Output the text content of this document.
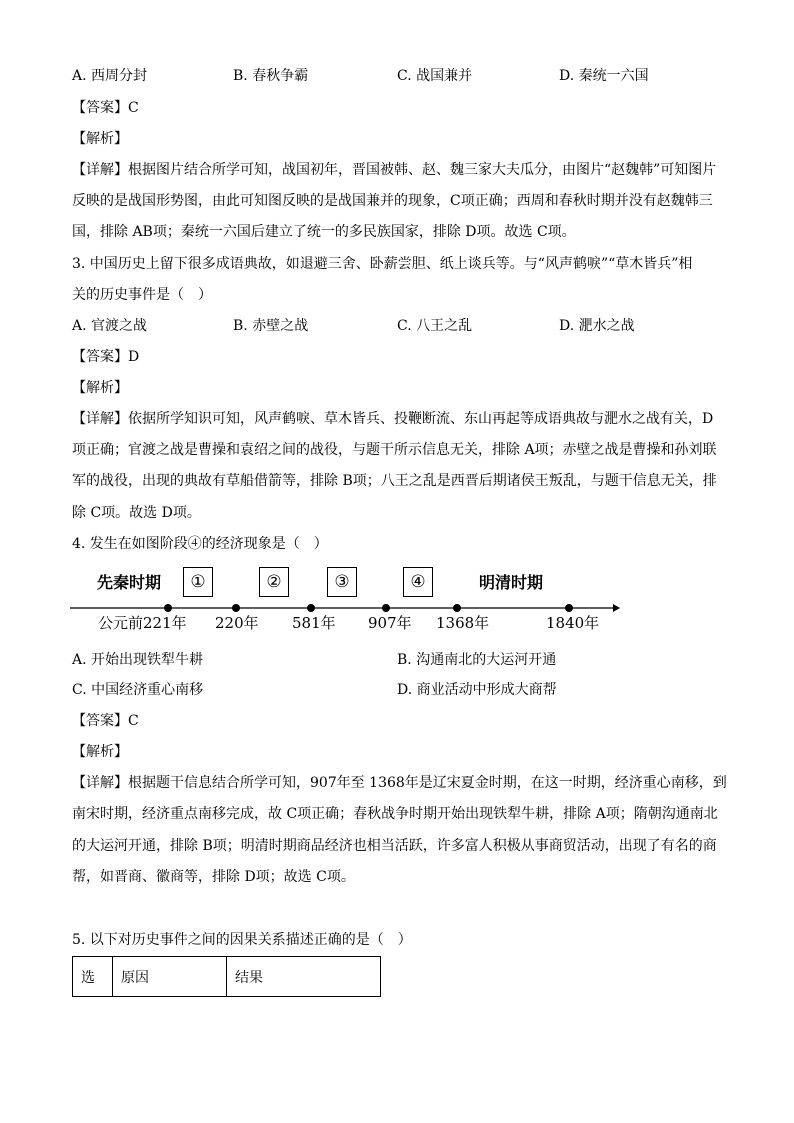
A. 西周分封	B. 春秋争霸	C. 战国兼并	D. 秦统一六国
【答案】C
【解析】
【详解】根据图片结合所学可知，战国初年，晋国被韩、赵、魏三家大夫瓜分，由图片“赵魏韩”可知图片
反映的是战国形势图，由此可知图反映的是战国兼并的现象，C项正确；西周和春秋时期并没有赵魏韩三
国，排除 AB项；秦统一六国后建立了统一的多民族国家，排除 D项。故选 C项。
3. 中国历史上留下很多成语典故，如退避三舍、卧薪尝胆、纸上谈兵等。与“风声鹤唳”“草木皆兵”相
关的历史事件是（　）
A. 官渡之战	B. 赤壁之战	C. 八王之乱	D. 淝水之战
【答案】D
【解析】
【详解】依据所学知识可知，风声鹤唳、草木皆兵、投鞭断流、东山再起等成语典故与淝水之战有关，D
项正确；官渡之战是曹操和袁绍之间的战役，与题干所示信息无关，排除 A项；赤壁之战是曹操和孙刘联
军的战役，出现的典故有草船借箭等，排除 B项；八王之乱是西晋后期诸侯王叛乱，与题干信息无关，排
除 C项。故选 D项。
4. 发生在如图阶段④的经济现象是（　）
先秦时期	①	②	③	④	明清时期
公元前221年 220年 581年 907年 1368年	1840年
A. 开始出现铁犁牛耕	B. 沟通南北的大运河开通
C. 中国经济重心南移	D. 商业活动中形成大商帮
【答案】C
【解析】
【详解】根据题干信息结合所学可知，907年至 1368年是辽宋夏金时期，在这一时期，经济重心南移，到
南宋时期，经济重点南移完成，故 C项正确；春秋战争时期开始出现铁犁牛耕，排除 A项；隋朝沟通南北
的大运河开通，排除 B项；明清时期商品经济也相当活跃，许多富人积极从事商贸活动，出现了有名的商
帮，如晋商、徽商等，排除 D项；故选 C项。
5. 以下对历史事件之间的因果关系描述正确的是（　）
选	原因	结果
